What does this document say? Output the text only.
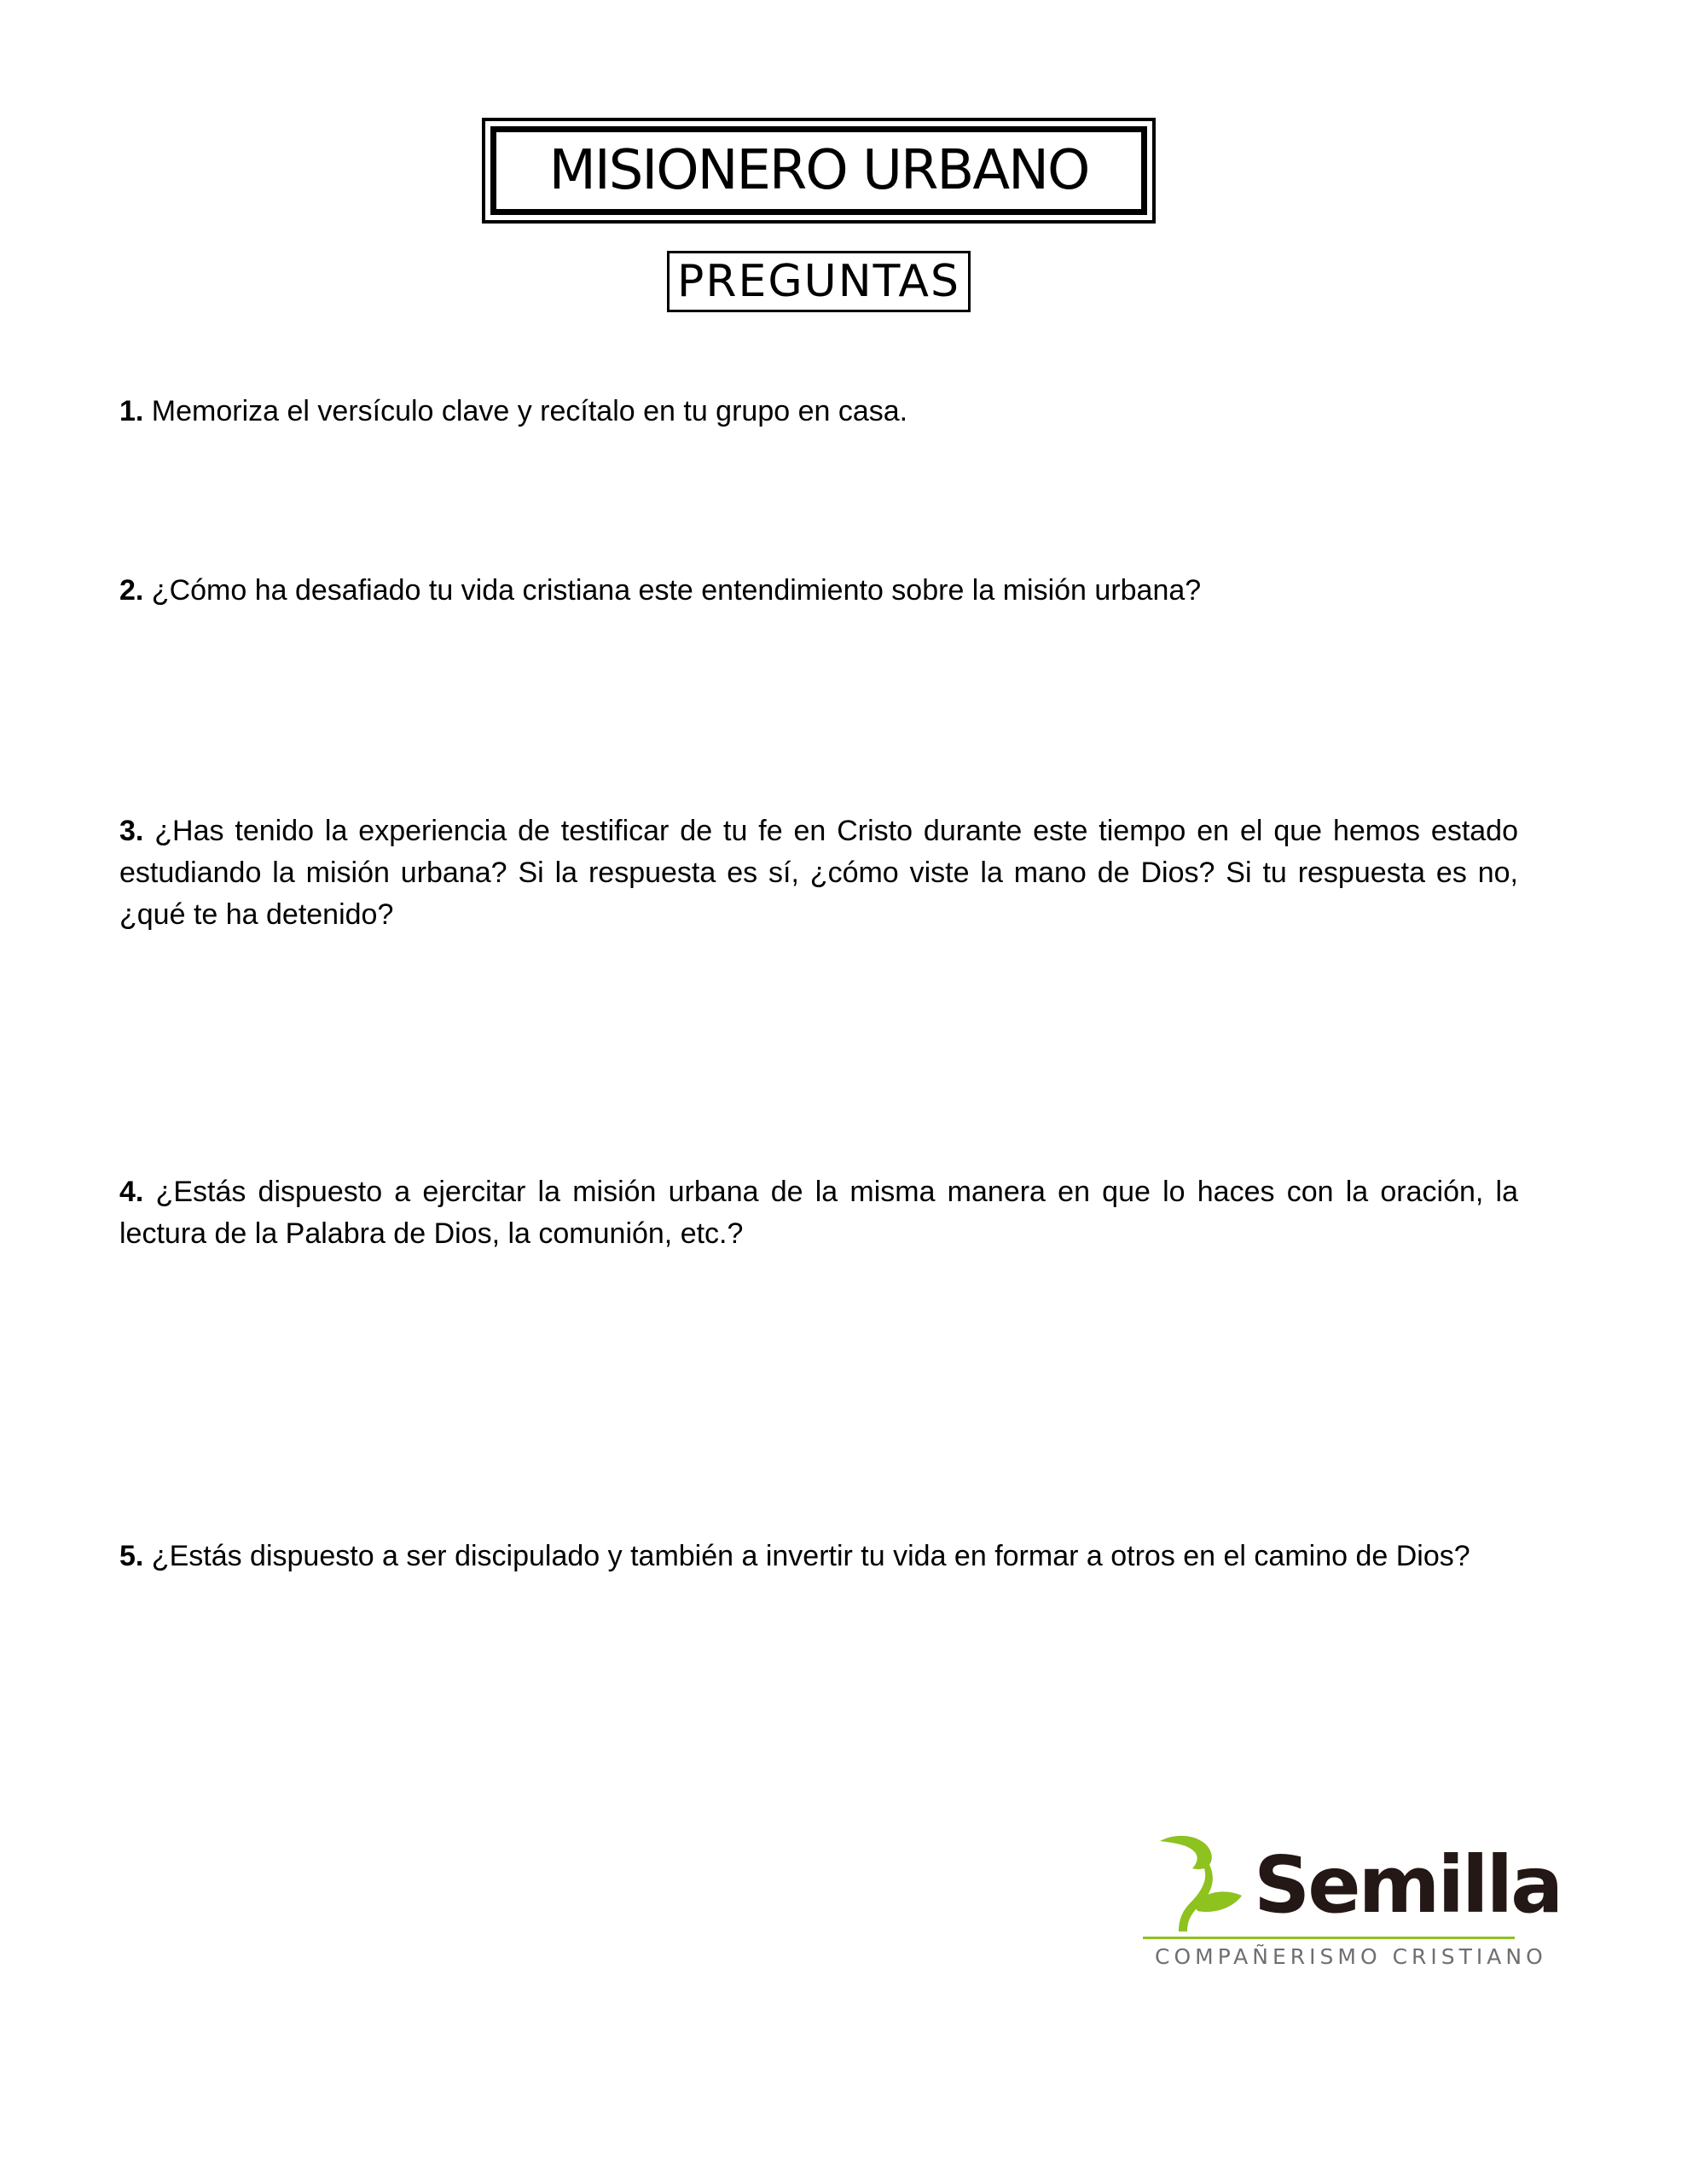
MISIONERO URBANO
PREGUNTAS

1. Memoriza el versículo clave y recítalo en tu grupo en casa.

2. ¿Cómo ha desafiado tu vida cristiana este entendimiento sobre la misión urbana?

3. ¿Has tenido la experiencia de testificar de tu fe en Cristo durante este tiempo en el que hemos estado estudiando la misión urbana? Si la respuesta es sí, ¿cómo viste la mano de Dios? Si tu respuesta es no, ¿qué te ha detenido?

4. ¿Estás dispuesto a ejercitar la misión urbana de la misma manera en que lo haces con la oración, la lectura de la Palabra de Dios, la comunión, etc.?

5. ¿Estás dispuesto a ser discipulado y también a invertir tu vida en formar a otros en el camino de Dios?

Semilla
COMPAÑERISMO CRISTIANO
